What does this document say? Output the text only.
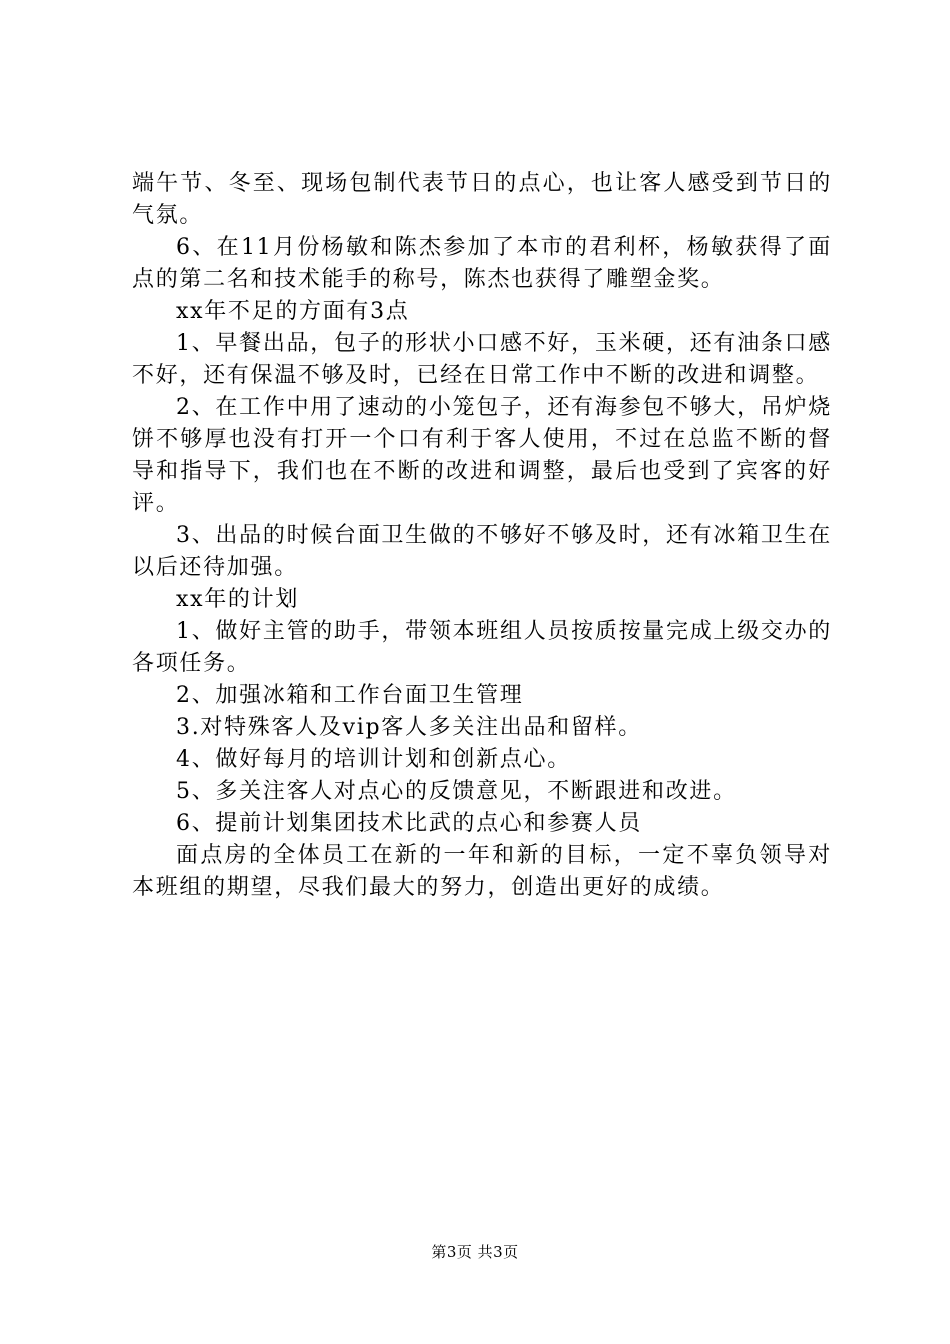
端午节、冬至、现场包制代表节日的点心，也让客人感受到节日的气氛。

6、在11月份杨敏和陈杰参加了本市的君利杯，杨敏获得了面点的第二名和技术能手的称号，陈杰也获得了雕塑金奖。

xx年不足的方面有3点

1、早餐出品，包子的形状小口感不好，玉米硬，还有油条口感不好，还有保温不够及时，已经在日常工作中不断的改进和调整。

2、在工作中用了速动的小笼包子，还有海参包不够大，吊炉烧饼不够厚也没有打开一个口有利于客人使用，不过在总监不断的督导和指导下，我们也在不断的改进和调整，最后也受到了宾客的好评。

3、出品的时候台面卫生做的不够好不够及时，还有冰箱卫生在以后还待加强。

xx年的计划

1、做好主管的助手，带领本班组人员按质按量完成上级交办的各项任务。

2、加强冰箱和工作台面卫生管理

3.对特殊客人及vip客人多关注出品和留样。

4、做好每月的培训计划和创新点心。

5、多关注客人对点心的反馈意见，不断跟进和改进。

6、提前计划集团技术比武的点心和参赛人员

面点房的全体员工在新的一年和新的目标，一定不辜负领导对本班组的期望，尽我们最大的努力，创造出更好的成绩。

第3页 共3页
